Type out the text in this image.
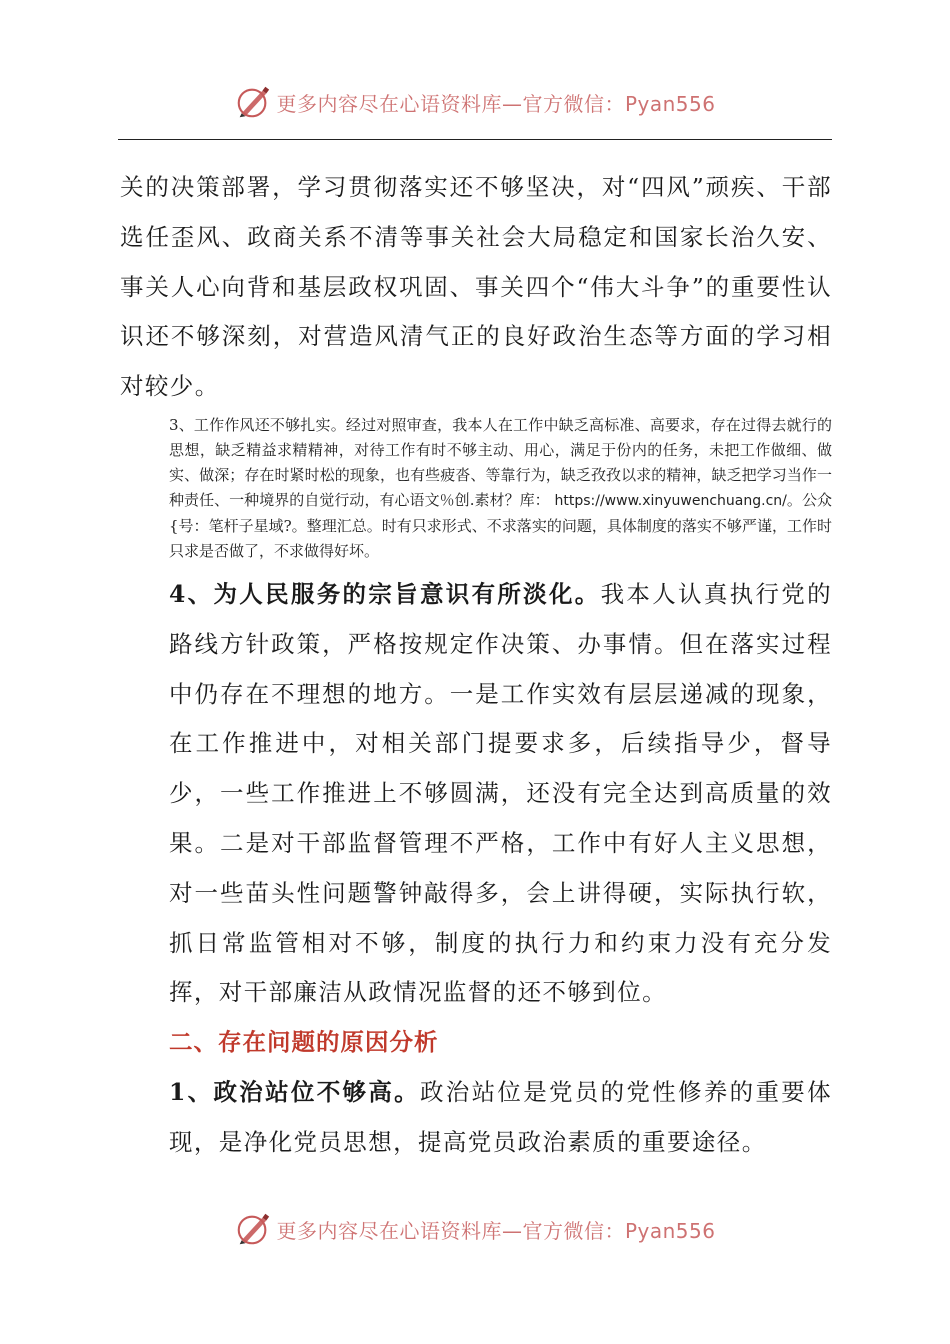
更多内容尽在心语资料库—官方微信：Pyan556

关的决策部署，学习贯彻落实还不够坚决，对“四风”顽疾、干部选任歪风、政商关系不清等事关社会大局稳定和国家长治久安、事关人心向背和基层政权巩固、事关四个“伟大斗争”的重要性认识还不够深刻，对营造风清气正的良好政治生态等方面的学习相对较少。

3、工作作风还不够扎实。经过对照审查，我本人在工作中缺乏高标准、高要求，存在过得去就行的思想，缺乏精益求精精神，对待工作有时不够主动、用心，满足于份内的任务，未把工作做细、做实、做深；存在时紧时松的现象，也有些疲沓、等靠行为，缺乏孜孜以求的精神，缺乏把学习当作一种责任、一种境界的自觉行动，有心语文％创.素材？库： https://www.xinyuwenchuang.cn/。公众{号：笔杆子星域?。整理汇总。时有只求形式、不求落实的问题，具体制度的落实不够严谨，工作时只求是否做了，不求做得好坏。

4、为人民服务的宗旨意识有所淡化。我本人认真执行党的路线方针政策，严格按规定作决策、办事情。但在落实过程中仍存在不理想的地方。一是工作实效有层层递减的现象，在工作推进中，对相关部门提要求多，后续指导少，督导少，一些工作推进上不够圆满，还没有完全达到高质量的效果。二是对干部监督管理不严格，工作中有好人主义思想，对一些苗头性问题警钟敲得多，会上讲得硬，实际执行软，抓日常监管相对不够，制度的执行力和约束力没有充分发挥，对干部廉洁从政情况监督的还不够到位。

二、存在问题的原因分析

1、政治站位不够高。政治站位是党员的党性修养的重要体现，是净化党员思想，提高党员政治素质的重要途径。

更多内容尽在心语资料库—官方微信：Pyan556
